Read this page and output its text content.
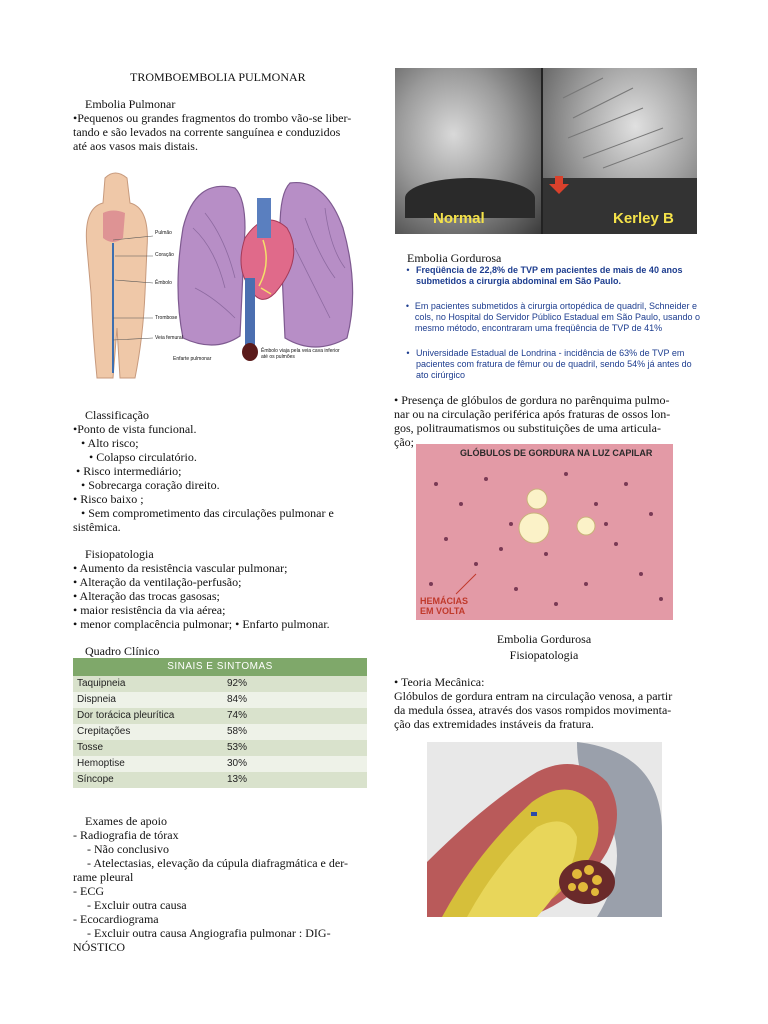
TROMBOEMBOLIA PULMONAR
Embolia Pulmonar
•Pequenos ou grandes fragmentos do trombo vão-se liber-
tando e são levados na corrente sanguínea e conduzidos
até aos vasos mais distais.
Pulmão
Coração
Êmbolo
Trombose
Veia femural
Enfarte pulmonar
Êmbolo viaja pela veia cava inferior até os pulmões
Classificação
•Ponto de vista funcional.
• Alto risco;
• Colapso circulatório.
• Risco intermediário;
• Sobrecarga coração direito.
• Risco baixo ;
• Sem comprometimento das circulações pulmonar e
sistêmica.
Fisiopatologia
• Aumento da resistência vascular pulmonar;
• Alteração da ventilação-perfusão;
• Alteração das trocas gasosas;
• maior resistência da via aérea;
• menor complacência pulmonar; • Enfarto pulmonar.
Quadro Clínico
SINAIS E SINTOMAS	
Taquipneia	92%
Dispneia	84%
Dor torácica pleurítica	74%
Crepitações	58%
Tosse	53%
Hemoptise	30%
Síncope	13%
Exames de apoio
- Radiografia de tórax
- Não conclusivo
- Atelectasias, elevação da cúpula diafragmática e der-
rame pleural
- ECG
- Excluir outra causa
- Ecocardiograma
- Excluir outra causa Angiografia pulmonar : DIG-
NÓSTICO
Normal	Kerley B
Embolia Gordurosa
• Freqüência de 22,8% de TVP em pacientes de mais de 40 anos
submetidos a cirurgia abdominal em São Paulo.
• Em pacientes submetidos à cirurgia ortopédica de quadril, Schneider e
cols, no Hospital do Servidor Público Estadual em São Paulo, usando o
mesmo método, encontraram uma freqüência de TVP de 41%
• Universidade Estadual de Londrina - incidência de 63% de TVP em
pacientes com fratura de fêmur ou de quadril, sendo 54% já antes do
ato cirúrgico
• Presença de glóbulos de gordura no parênquima pulmo-
nar ou na circulação periférica após fraturas de ossos lon-
gos, politraumatismos ou substituições de uma articula-
ção;
GLÓBULOS DE GORDURA NA LUZ CAPILAR
HEMÁCIAS
EM VOLTA
Embolia Gordurosa
Fisiopatologia
• Teoria Mecânica:
Glóbulos de gordura entram na circulação venosa, a partir
da medula óssea, através dos vasos rompidos movimenta-
ção das extremidades instáveis da fratura.
